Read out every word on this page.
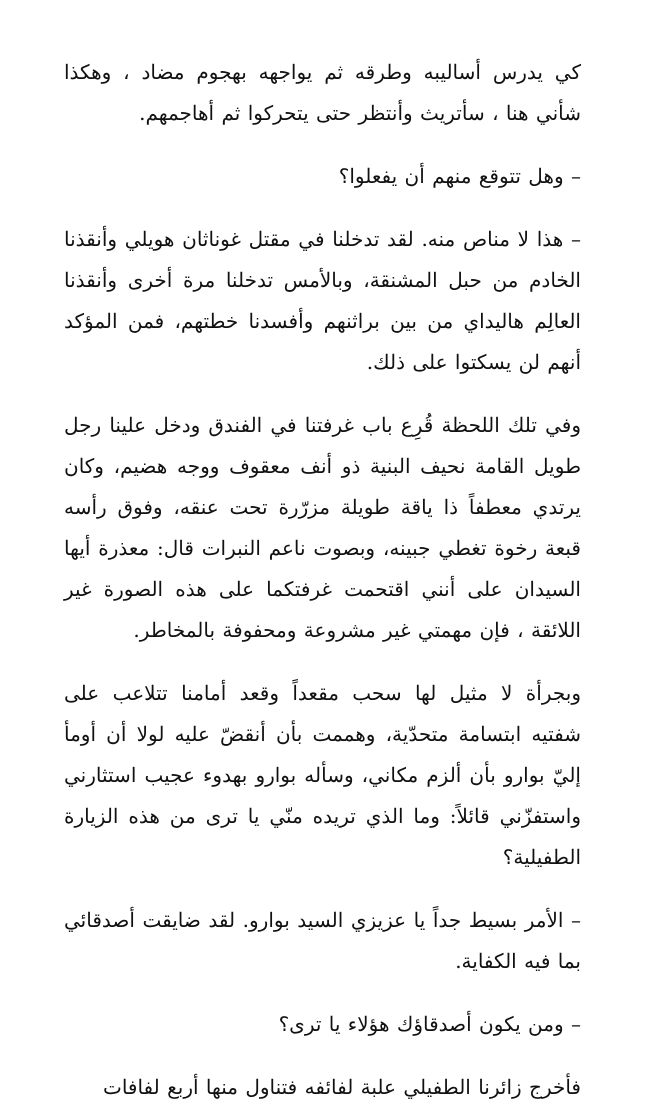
كي يدرس أساليبه وطرقه ثم يواجهه بهجوم مضاد ، وهكذا شأني هنا ، سأتريث وأنتظر حتى يتحركوا ثم أهاجمهم.

– وهل تتوقع منهم أن يفعلوا؟

– هذا لا مناص منه. لقد تدخلنا في مقتل غوناثان هويلي وأنقذنا الخادم من حبل المشنقة، وبالأمس تدخلنا مرة أخرى وأنقذنا العالِم هاليداي من بين براثنهم وأفسدنا خطتهم، فمن المؤكد أنهم لن يسكتوا على ذلك.

وفي تلك اللحظة قُرِع باب غرفتنا في الفندق ودخل علينا رجل طويل القامة نحيف البنية ذو أنف معقوف ووجه هضيم، وكان يرتدي معطفاً ذا ياقة طويلة مزرّرة تحت عنقه، وفوق رأسه قبعة رخوة تغطي جبينه، وبصوت ناعم النبرات قال: معذرة أيها السيدان على أنني اقتحمت غرفتكما على هذه الصورة غير اللائقة ، فإن مهمتي غير مشروعة ومحفوفة بالمخاطر.

وبجرأة لا مثيل لها سحب مقعداً وقعد أمامنا تتلاعب على شفتيه ابتسامة متحدّية، وهممت بأن أنقضّ عليه لولا أن أومأ إليّ بوارو بأن ألزم مكاني، وسأله بوارو بهدوء عجيب استثارني واستفزّني قائلاً: وما الذي تريده منّي يا ترى من هذه الزيارة الطفيلية؟

– الأمر بسيط جداً يا عزيزي السيد بوارو. لقد ضايقت أصدقائي بما فيه الكفاية.

– ومن يكون أصدقاؤك هؤلاء يا ترى؟

فأخرج زائرنا الطفيلي علبة لفائفه فتناول منها أربع لفافات
